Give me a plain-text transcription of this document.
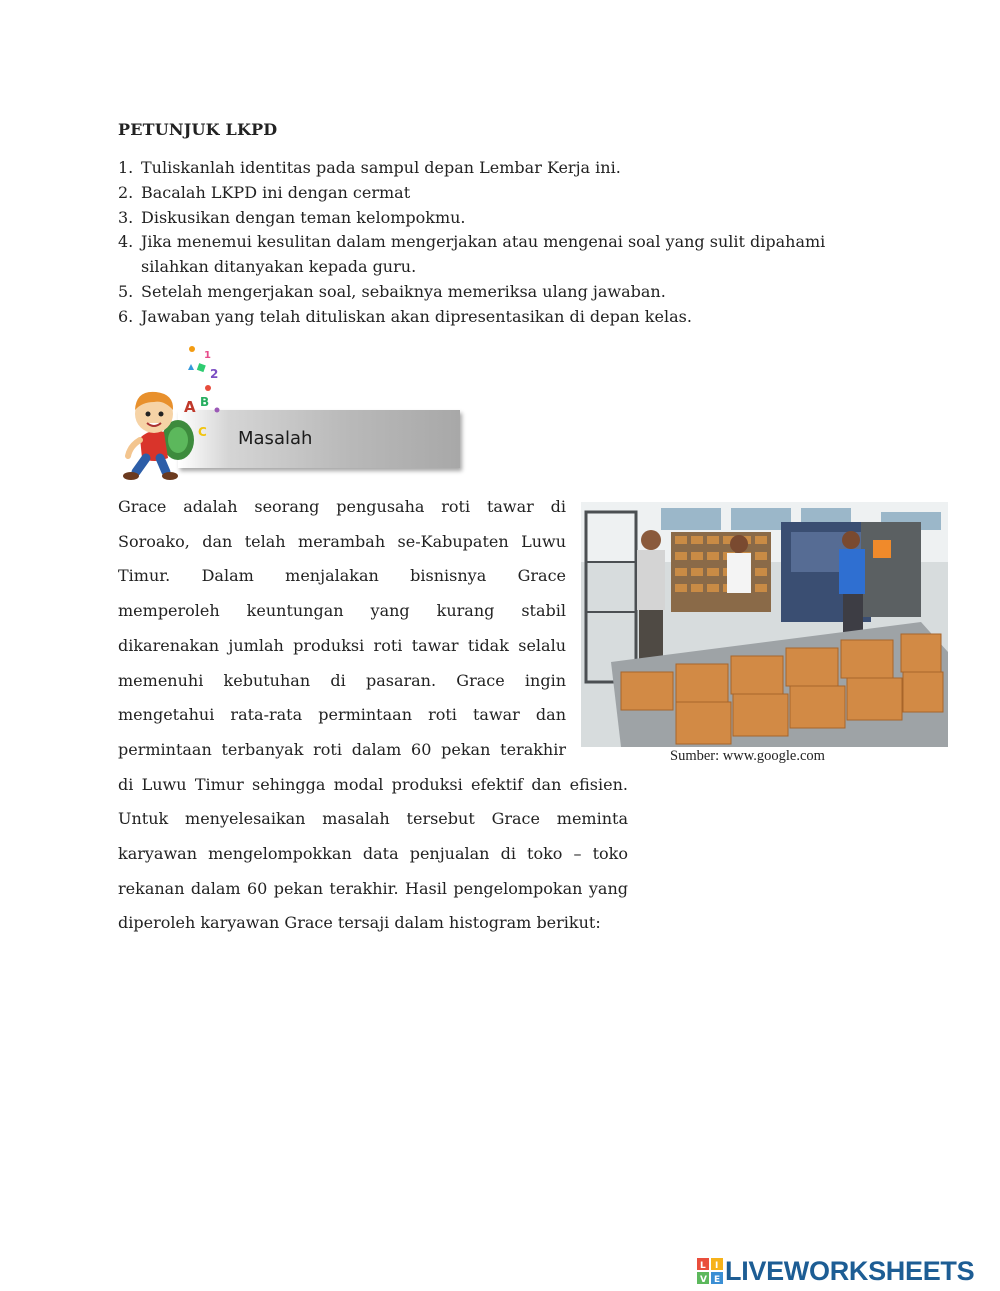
PETUNJUK LKPD
1. Tuliskanlah identitas pada sampul depan Lembar Kerja ini.
2. Bacalah LKPD ini dengan cermat
3. Diskusikan dengan teman kelompokmu.
4. Jika menemui kesulitan dalam mengerjakan atau mengenai soal yang sulit dipahami silahkan ditanyakan kepada guru.
5. Setelah mengerjakan soal, sebaiknya memeriksa ulang jawaban.
6. Jawaban yang telah dituliskan akan dipresentasikan di depan kelas.
1
2
A B
C Masalah
Grace adalah seorang pengusaha roti tawar di
Soroako, dan telah merambah se-Kabupaten Luwu
Timur. Dalam menjalakan bisnisnya Grace
memperoleh keuntungan yang kurang stabil
dikarenakan jumlah produksi roti tawar tidak selalu
memenuhi kebutuhan di pasaran. Grace ingin
mengetahui rata-rata permintaan roti tawar dan
permintaan terbanyak roti dalam 60 pekan terakhir
di Luwu Timur sehingga modal produksi efektif dan efisien.
Untuk menyelesaikan masalah tersebut Grace meminta
karyawan mengelompokkan data penjualan di toko – toko
rekanan dalam 60 pekan terakhir. Hasil pengelompokan yang
diperoleh karyawan Grace tersaji dalam histogram berikut:
Sumber: www.google.com
L I
V E LIVEWORKSHEETS
